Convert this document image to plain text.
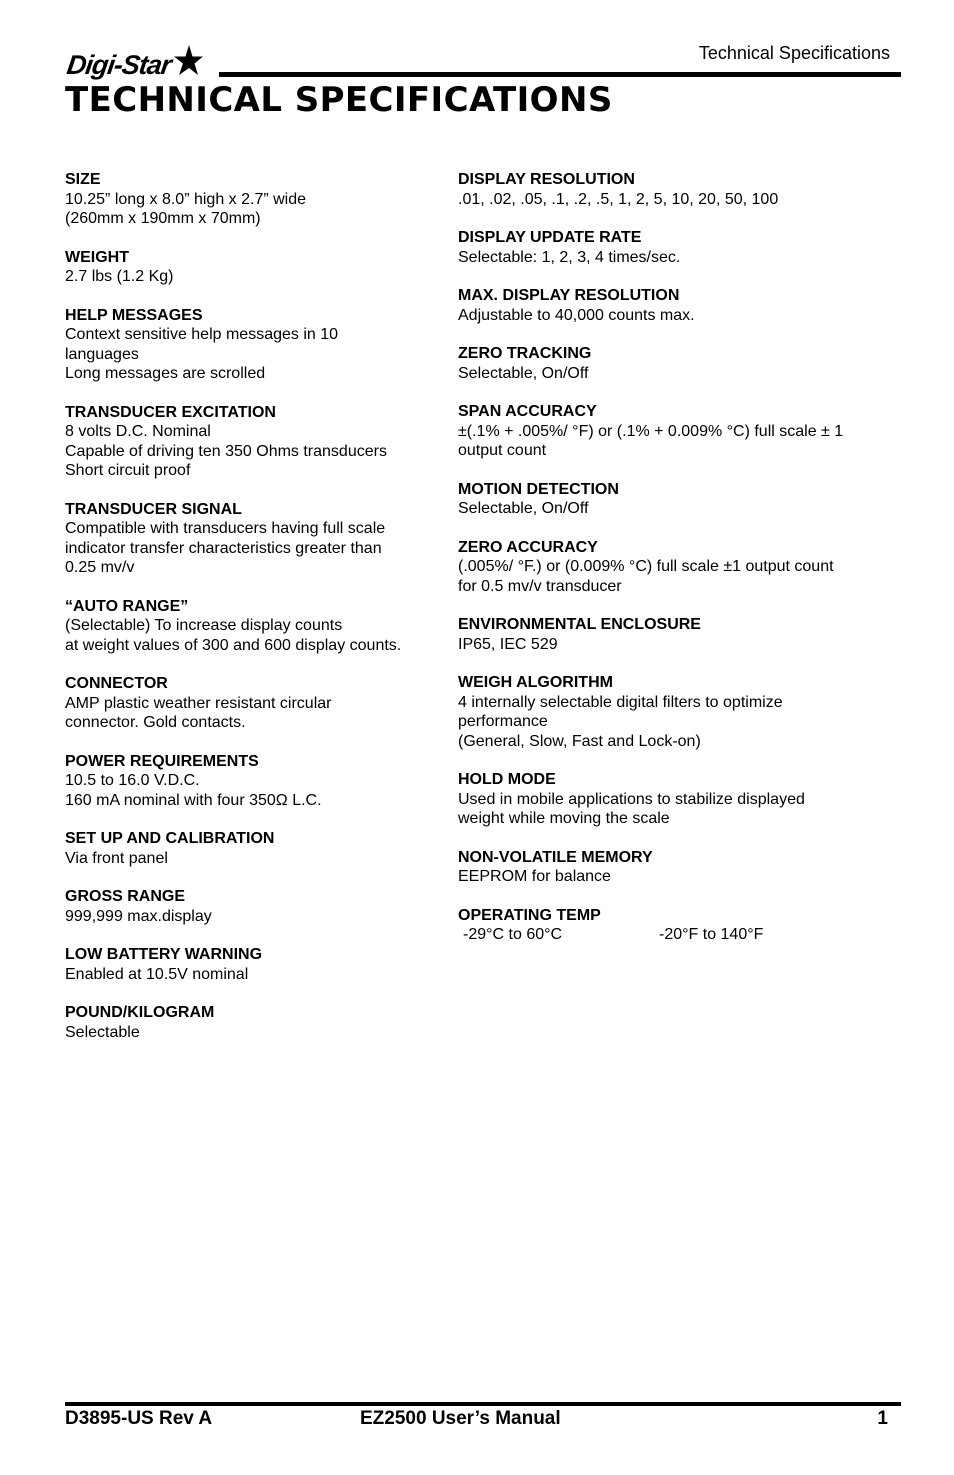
Digi-Star	Technical Specifications
TECHNICAL SPECIFICATIONS
SIZE
10.25” long x 8.0” high x 2.7” wide
(260mm x 190mm x 70mm)
WEIGHT
2.7 lbs (1.2 Kg)
HELP MESSAGES
Context sensitive help messages in 10
languages
Long messages are scrolled
TRANSDUCER EXCITATION
8 volts D.C. Nominal
Capable of driving ten 350 Ohms transducers
Short circuit proof
TRANSDUCER SIGNAL
Compatible with transducers having full scale
indicator transfer characteristics greater than
0.25 mv/v
“AUTO RANGE”
(Selectable) To increase display counts
at weight values of 300 and 600 display counts.
CONNECTOR
AMP plastic weather resistant circular
connector. Gold contacts.
POWER REQUIREMENTS
10.5 to 16.0 V.D.C.
160 mA nominal with four 350Ω L.C.
SET UP AND CALIBRATION
Via front panel
GROSS RANGE
999,999 max.display
LOW BATTERY WARNING
Enabled at 10.5V nominal
POUND/KILOGRAM
Selectable
DISPLAY RESOLUTION
.01, .02, .05, .1, .2, .5, 1, 2, 5, 10, 20, 50, 100
DISPLAY UPDATE RATE
Selectable: 1, 2, 3, 4 times/sec.
MAX. DISPLAY RESOLUTION
Adjustable to 40,000 counts max.
ZERO TRACKING
Selectable, On/Off
SPAN ACCURACY
±(.1% + .005%/ °F) or (.1% + 0.009% °C) full scale ± 1
output count
MOTION DETECTION
Selectable, On/Off
ZERO ACCURACY
(.005%/ °F.) or (0.009% °C) full scale ±1 output count
for 0.5 mv/v transducer
ENVIRONMENTAL ENCLOSURE
IP65, IEC 529
WEIGH ALGORITHM
4 internally selectable digital filters to optimize
performance
(General, Slow, Fast and Lock-on)
HOLD MODE
Used in mobile applications to stabilize displayed
weight while moving the scale
NON-VOLATILE MEMORY
EEPROM for balance
OPERATING TEMP
-29°C to 60°C	-20°F to 140°F
D3895-US Rev A	EZ2500 User’s Manual	1
